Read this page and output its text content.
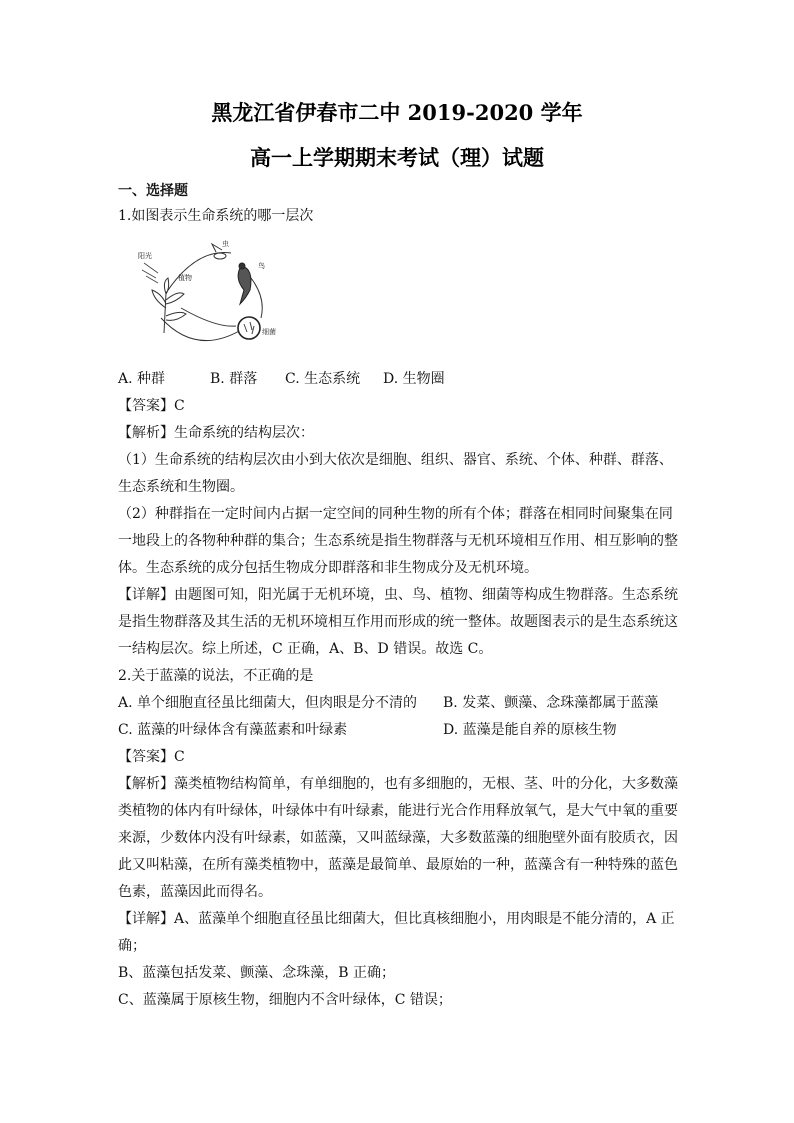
黑龙江省伊春市二中 2019-2020 学年
高一上学期期末考试（理）试题
一、选择题
1.如图表示生命系统的哪一层次
阳光
虫
鸟
植物
细菌
A. 种群	B. 群落 C. 生态系统 D. 生物圈
【答案】C
【解析】生命系统的结构层次：
（1）生命系统的结构层次由小到大依次是细胞、组织、器官、系统、个体、种群、群落、
生态系统和生物圈。
（2）种群指在一定时间内占据一定空间的同种生物的所有个体；群落在相同时间聚集在同
一地段上的各物种种群的集合；生态系统是指生物群落与无机环境相互作用、相互影响的整
体。生态系统的成分包括生物成分即群落和非生物成分及无机环境。
【详解】由题图可知，阳光属于无机环境，虫、鸟、植物、细菌等构成生物群落。生态系统
是指生物群落及其生活的无机环境相互作用而形成的统一整体。故题图表示的是生态系统这
一结构层次。综上所述，C 正确，A、B、D 错误。故选 C。
2.关于蓝藻的说法，不正确的是
A. 单个细胞直径虽比细菌大，但肉眼是分不清的 B. 发菜、颤藻、念珠藻都属于蓝藻
C. 蓝藻的叶绿体含有藻蓝素和叶绿素	D. 蓝藻是能自养的原核生物
【答案】C
【解析】藻类植物结构简单，有单细胞的，也有多细胞的，无根、茎、叶的分化，大多数藻
类植物的体内有叶绿体，叶绿体中有叶绿素，能进行光合作用释放氧气，是大气中氧的重要
来源，少数体内没有叶绿素，如蓝藻，又叫蓝绿藻，大多数蓝藻的细胞壁外面有胶质衣，因
此又叫粘藻，在所有藻类植物中，蓝藻是最简单、最原始的一种，蓝藻含有一种特殊的蓝色
色素，蓝藻因此而得名。
【详解】A、蓝藻单个细胞直径虽比细菌大，但比真核细胞小，用肉眼是不能分清的，A 正
确；
B、蓝藻包括发菜、颤藻、念珠藻，B 正确；
C、蓝藻属于原核生物，细胞内不含叶绿体，C 错误；
